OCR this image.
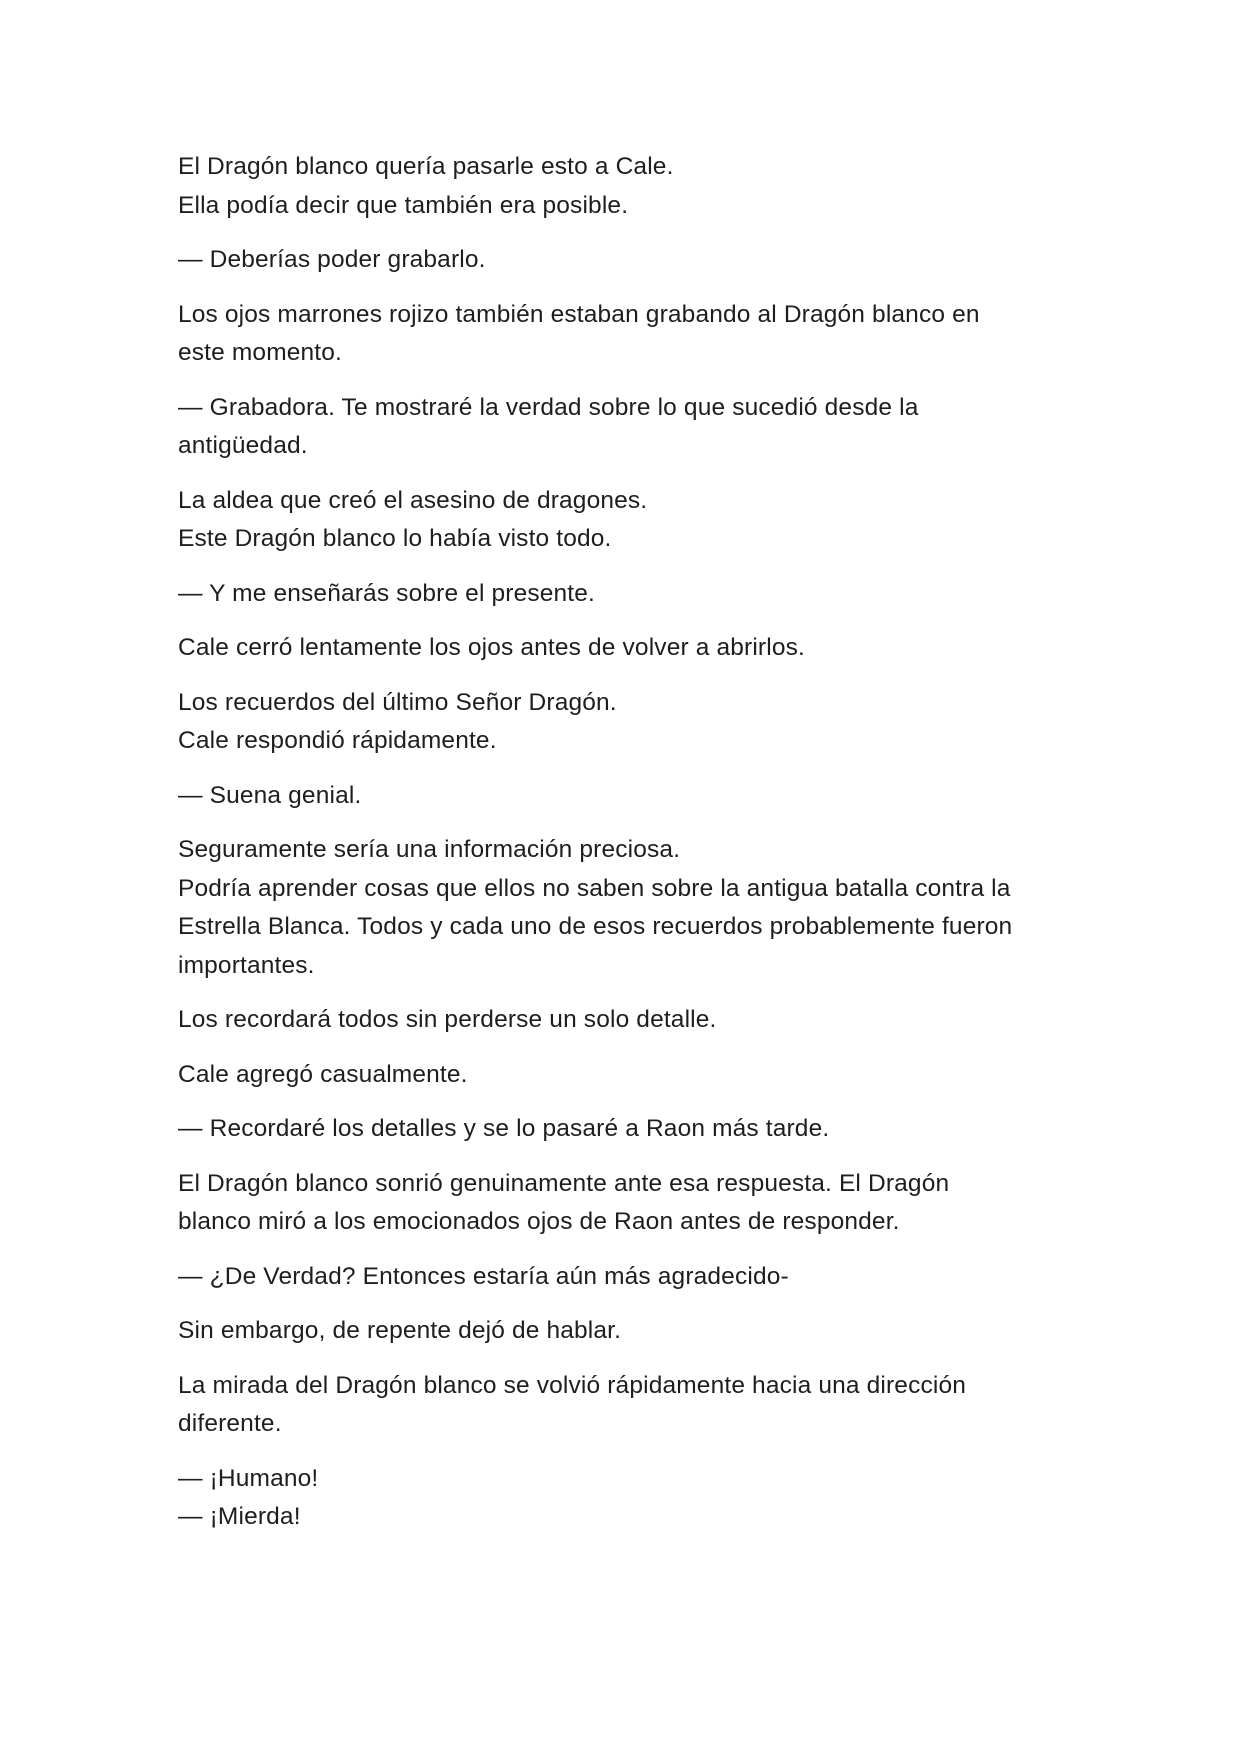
El Dragón blanco quería pasarle esto a Cale.
Ella podía decir que también era posible.

— Deberías poder grabarlo.

Los ojos marrones rojizo también estaban grabando al Dragón blanco en
este momento.

— Grabadora. Te mostraré la verdad sobre lo que sucedió desde la
antigüedad.

La aldea que creó el asesino de dragones.
Este Dragón blanco lo había visto todo.

— Y me enseñarás sobre el presente.

Cale cerró lentamente los ojos antes de volver a abrirlos.

Los recuerdos del último Señor Dragón.
Cale respondió rápidamente.

— Suena genial.

Seguramente sería una información preciosa.
Podría aprender cosas que ellos no saben sobre la antigua batalla contra la
Estrella Blanca. Todos y cada uno de esos recuerdos probablemente fueron
importantes.

Los recordará todos sin perderse un solo detalle.

Cale agregó casualmente.

— Recordaré los detalles y se lo pasaré a Raon más tarde.

El Dragón blanco sonrió genuinamente ante esa respuesta. El Dragón
blanco miró a los emocionados ojos de Raon antes de responder.

— ¿De Verdad? Entonces estaría aún más agradecido-

Sin embargo, de repente dejó de hablar.

La mirada del Dragón blanco se volvió rápidamente hacia una dirección
diferente.

— ¡Humano!
— ¡Mierda!
